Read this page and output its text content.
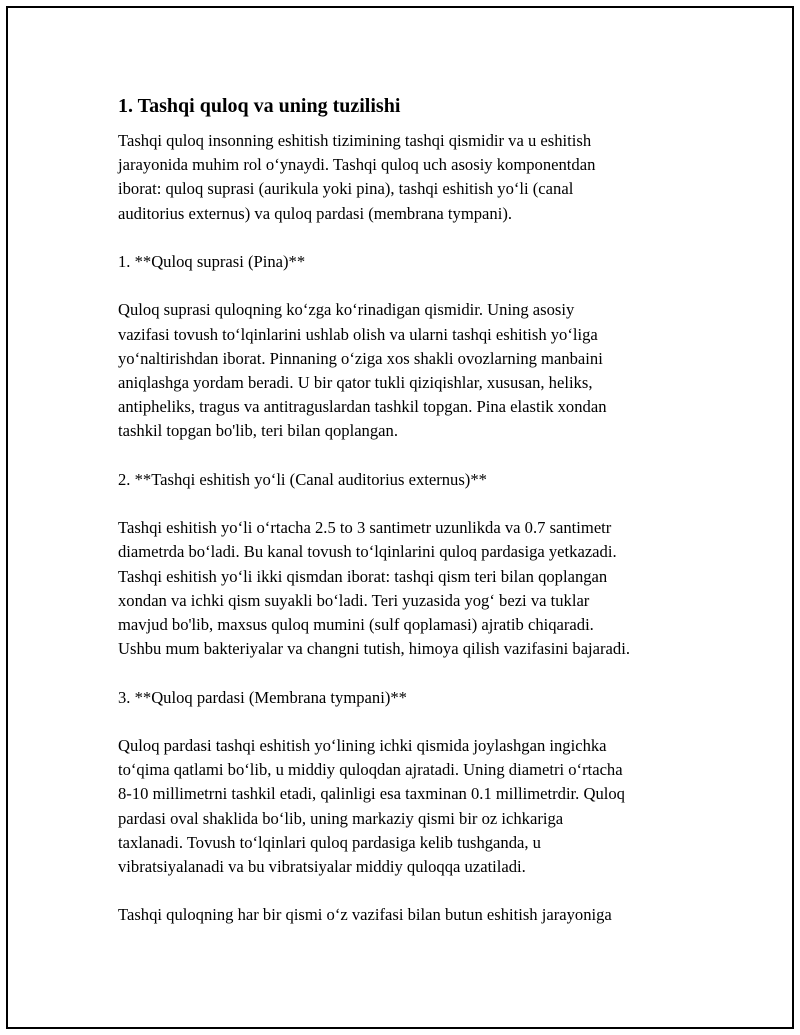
1. Tashqi quloq va uning tuzilishi

Tashqi quloq insonning eshitish tizimining tashqi qismidir va u eshitish
jarayonida muhim rol o‘ynaydi. Tashqi quloq uch asosiy komponentdan
iborat: quloq suprasi (aurikula yoki pina), tashqi eshitish yo‘li (canal
auditorius externus) va quloq pardasi (membrana tympani).

1. **Quloq suprasi (Pina)**

Quloq suprasi quloqning ko‘zga ko‘rinadigan qismidir. Uning asosiy
vazifasi tovush to‘lqinlarini ushlab olish va ularni tashqi eshitish yo‘liga
yo‘naltirishdan iborat. Pinnaning o‘ziga xos shakli ovozlarning manbaini
aniqlashga yordam beradi. U bir qator tukli qiziqishlar, xususan, heliks,
antipheliks, tragus va antitraguslardan tashkil topgan. Pina elastik xondan
tashkil topgan bo'lib, teri bilan qoplangan.

2. **Tashqi eshitish yo‘li (Canal auditorius externus)**

Tashqi eshitish yo‘li o‘rtacha 2.5 to 3 santimetr uzunlikda va 0.7 santimetr
diametrda bo‘ladi. Bu kanal tovush to‘lqinlarini quloq pardasiga yetkazadi.
Tashqi eshitish yo‘li ikki qismdan iborat: tashqi qism teri bilan qoplangan
xondan va ichki qism suyakli bo‘ladi. Teri yuzasida yog‘ bezi va tuklar
mavjud bo'lib, maxsus quloq mumini (sulf qoplamasi) ajratib chiqaradi.
Ushbu mum bakteriyalar va changni tutish, himoya qilish vazifasini bajaradi.

3. **Quloq pardasi (Membrana tympani)**

Quloq pardasi tashqi eshitish yo‘lining ichki qismida joylashgan ingichka
to‘qima qatlami bo‘lib, u middiy quloqdan ajratadi. Uning diametri o‘rtacha
8-10 millimetrni tashkil etadi, qalinligi esa taxminan 0.1 millimetrdir. Quloq
pardasi oval shaklida bo‘lib, uning markaziy qismi bir oz ichkariga
taxlanadi. Tovush to‘lqinlari quloq pardasiga kelib tushganda, u
vibratsiyalanadi va bu vibratsiyalar middiy quloqqa uzatiladi.

Tashqi quloqning har bir qismi o‘z vazifasi bilan butun eshitish jarayoniga
